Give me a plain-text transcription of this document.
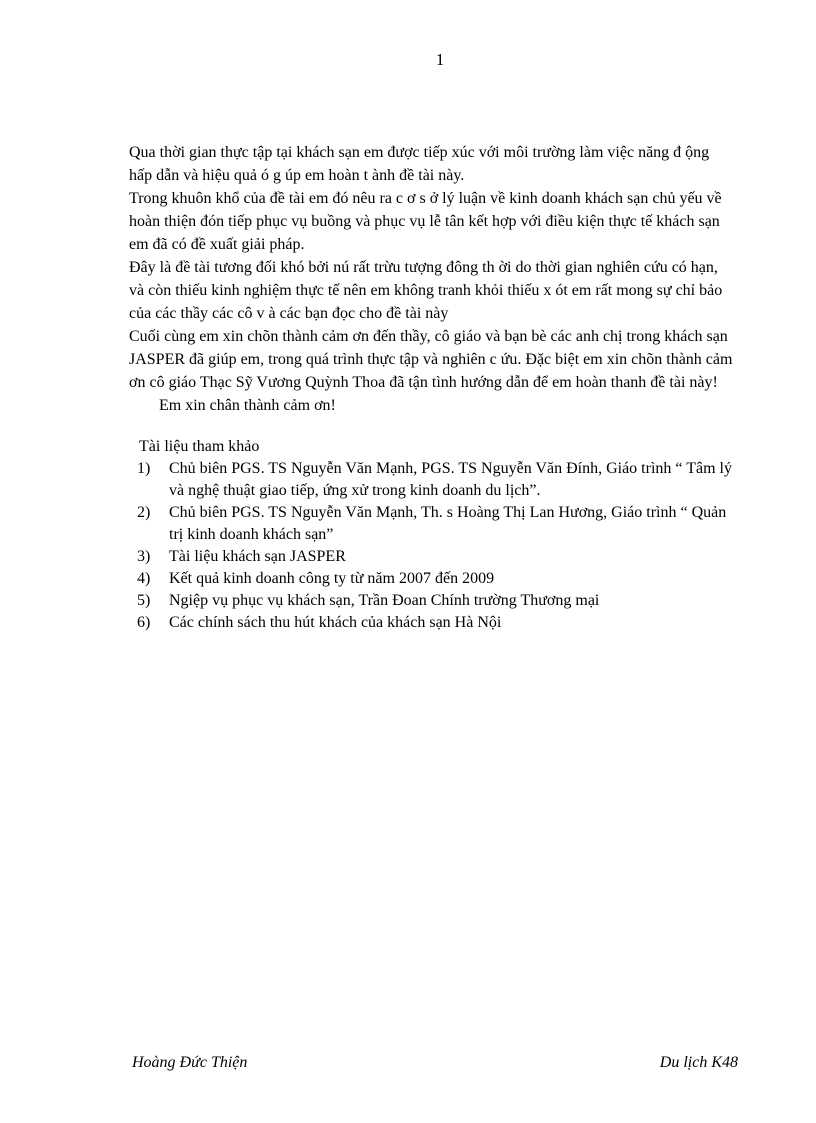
1

Qua thời gian thực tập tại khách sạn em được tiếp xúc với môi trường làm việc năng đ ộng hấp dẫn và hiệu quả ó g úp em hoàn t ành đề tài này.

Trong khuôn khổ của đề tài em đó nêu ra c ơ s ở lý luận về kinh doanh khách sạn chủ yếu về hoàn thiện đón tiếp phục vụ buồng và phục vụ lễ tân kết hợp với điều kiện thực tế khách sạn em đã có đề xuất giải pháp.

Đây là đề tài tương đối khó bởi nú rất trừu tượng đông th ời do thời gian nghiên cứu có hạn, và còn thiếu kinh nghiệm thực tế nên em không tranh khỏi thiếu x ót em rất mong sự chỉ bảo của các thầy các cô v à các bạn đọc cho đề tài này

Cuối cùng em xin chõn thành cảm ơn đến thầy, cô giáo và bạn bè các anh chị trong khách sạn JASPER đã giúp em, trong quá trình thực tập và nghiên c ứu. Đặc biệt em xin chõn thành cảm ơn cô giáo Thạc Sỹ Vương Quỳnh Thoa đã tận tình hướng dẫn để em hoàn thanh đề tài này!

Em xin chân thành cảm ơn!

Tài liệu tham khảo

1)	Chủ biên PGS. TS Nguyễn Văn Mạnh, PGS. TS Nguyễn Văn Đính, Giáo trình “ Tâm lý và nghệ thuật giao tiếp, ứng xử trong kinh doanh du lịch”.
2)	Chủ biên PGS. TS Nguyễn Văn Mạnh, Th. s Hoàng Thị Lan Hương, Giáo trình “ Quản trị kinh doanh khách sạn”
3)	Tài liệu khách sạn JASPER
4)	Kết quả kinh doanh công ty từ năm 2007 đến 2009
5)	Ngiệp vụ phục vụ khách sạn, Trần Đoan Chính trường Thương mại
6)	Các chính sách thu hút khách của khách sạn Hà Nội
Hoàng Đức Thiện	Du lịch K48
